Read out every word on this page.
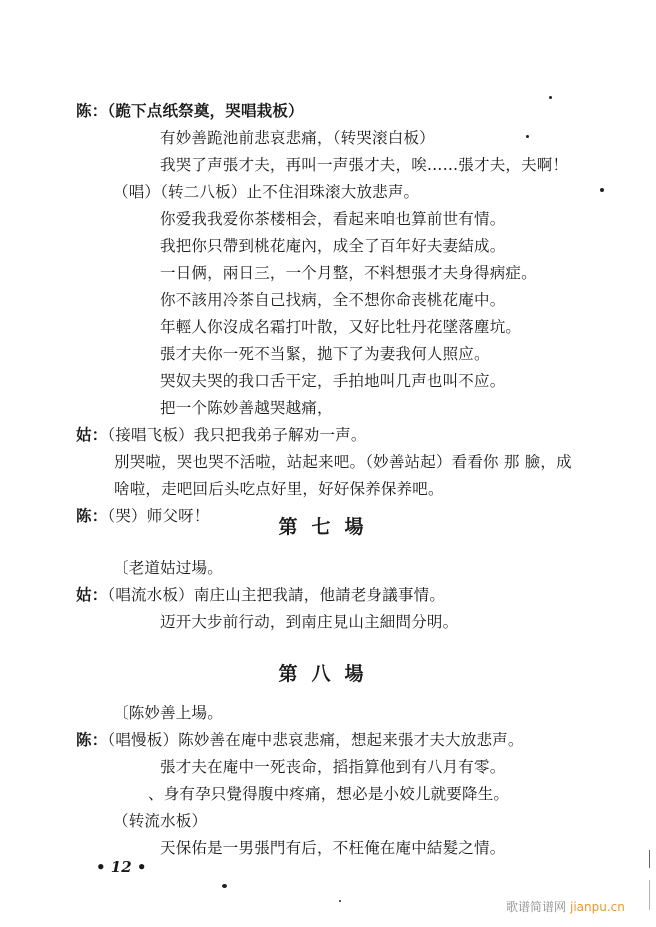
陈：（跪下点纸祭奠，哭唱栽板）
有妙善跪池前悲哀悲痛，（转哭滚白板）
我哭了声張才夫，再叫一声張才夫，唉……張才夫，夫啊！
（唱）（转二八板）止不住泪珠滚大放悲声。
你爱我我爱你茶楼相会，看起来咱也算前世有情。
我把你只帶到桃花庵內，成全了百年好夫妻結成。
一日俩，兩日三，一个月整，不料想張才夫身得病症。
你不該用冷茶自己找病，全不想你命丧桃花庵中。
年輕人你沒成名霜打叶散，又好比牡丹花墜落塵坑。
張才夫你一死不当緊，拋下了为妻我何人照应。
哭奴夫哭的我口舌干定，手拍地叫几声也叫不应。
把一个陈妙善越哭越痛，
姑：（接唱飞板）我只把我弟子解劝一声。
別哭啦，哭也哭不活啦，站起来吧。（妙善站起）看看你 那 臉，成
啥啦，走吧回后头吃点好里，好好保养保养吧。
陈：（哭）师父呀！	第七場
〔老道姑过場。
姑：（唱流水板）南庄山主把我請，他請老身議事情。
迈开大步前行动，到南庄見山主細問分明。
第八場
〔陈妙善上場。
陈：（唱慢板）陈妙善在庵中悲哀悲痛，想起来張才夫大放悲声。
張才夫在庵中一死丧命，搯指算他到有八月有零。
、身有孕只覺得腹中疼痛，想必是小姣儿就要降生。
（转流水板）
天保佑是一男張門有后，不枉俺在庵中結髮之情。
• 12 •
歌谱简谱网 jianpu.cn
